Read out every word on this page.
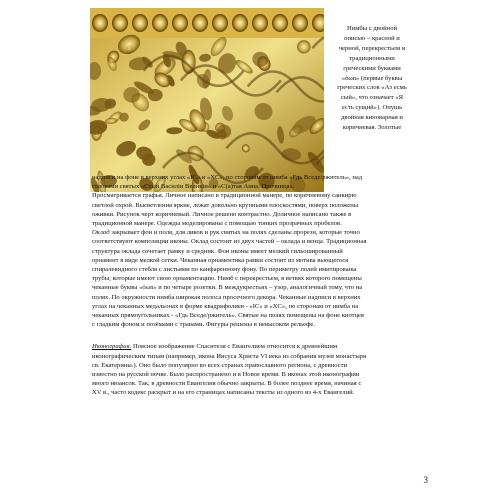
Нимбы с двойной
описью – красной и
черной, перекрестьем и
традиционными
греческими буквами
«ὁωn» (первые буквы
греческих слов «Аз есмь
сый», что означает «Я
есть сущий»). Опушь
двойная киноварная и
коричневая. Золотые
надписи на фоне в верхних углах «IC» и «XC», по сторонам от нимба «Гдь Вседе/ржитель», над
головами святых «Стый Василiи Великiи» и «С(а)тая Анна. Прочница».
Просматривается графья. Личное написано в традиционной манере, по коричневому санкирю
светлой охрой. Высветления яркие, лежат довольно крупными плоскостями, поверх положены
оживки. Рисунок черт коричневый. Личное решено контрастно. Доличное написано также в
традиционной манере. Одежды моделированы с помощью тонких прозрачных пробелов.
Оклад закрывает фон и поля, для ликов и рук святых на полях сделаны прорези, которые точно
соответствуют композиции иконы. Оклад состоит из двух частей – оклада и венца. Традиционная
структура оклада сочетает рамку и средник. Фон иконы имеет мелкий гильошированный
орнамент в виде мелкой сетки. Чеканная орнаментика рамки состоит из мотива вьющегося
спиралевидного стебля с листьями по канфаренному фону. По периметру полей имитированы
трубы, которые имеют свою орнаментацию. Нимб с перекрестьем, в ветвях которого помещены
чеканные буквы «ὁωn» и по четыре розетки. В междукрестьях – узор, аналогичный тому, что на
полях. По окружности нимба широкая полоса просечного декора. Чеканные надписи в верхних
углах на чеканных медальонах в форме квадрифолиев - «IC» и «XC», по сторонам от нимба на
чеканных прямоугольниках - «Гдь Вседе/ржитель». Святые на полях помещены на фоне киотцев
с гладким фоном и позёмами с травами. Фигуры решены в невысоком рельефе.
Иконография. Поясное изображение Спасителя с Евангелием относится к древнейшим
иконографическим типам (например, икона Иисуса Христа VI века из собрания музея монастыря
св. Екатерины.). Оно было популярно во всех странах православного региона, с древности
известно на русской почве. Было распространено и в Новое время. В иконах этой иконографии
много нюансов. Так, в древности Евангелия обычно закрыты. В более позднее время, начиная с
XV в., часто кодекс раскрыт и на его страницах написаны тексты из одного из 4-х Евангелий.
3
